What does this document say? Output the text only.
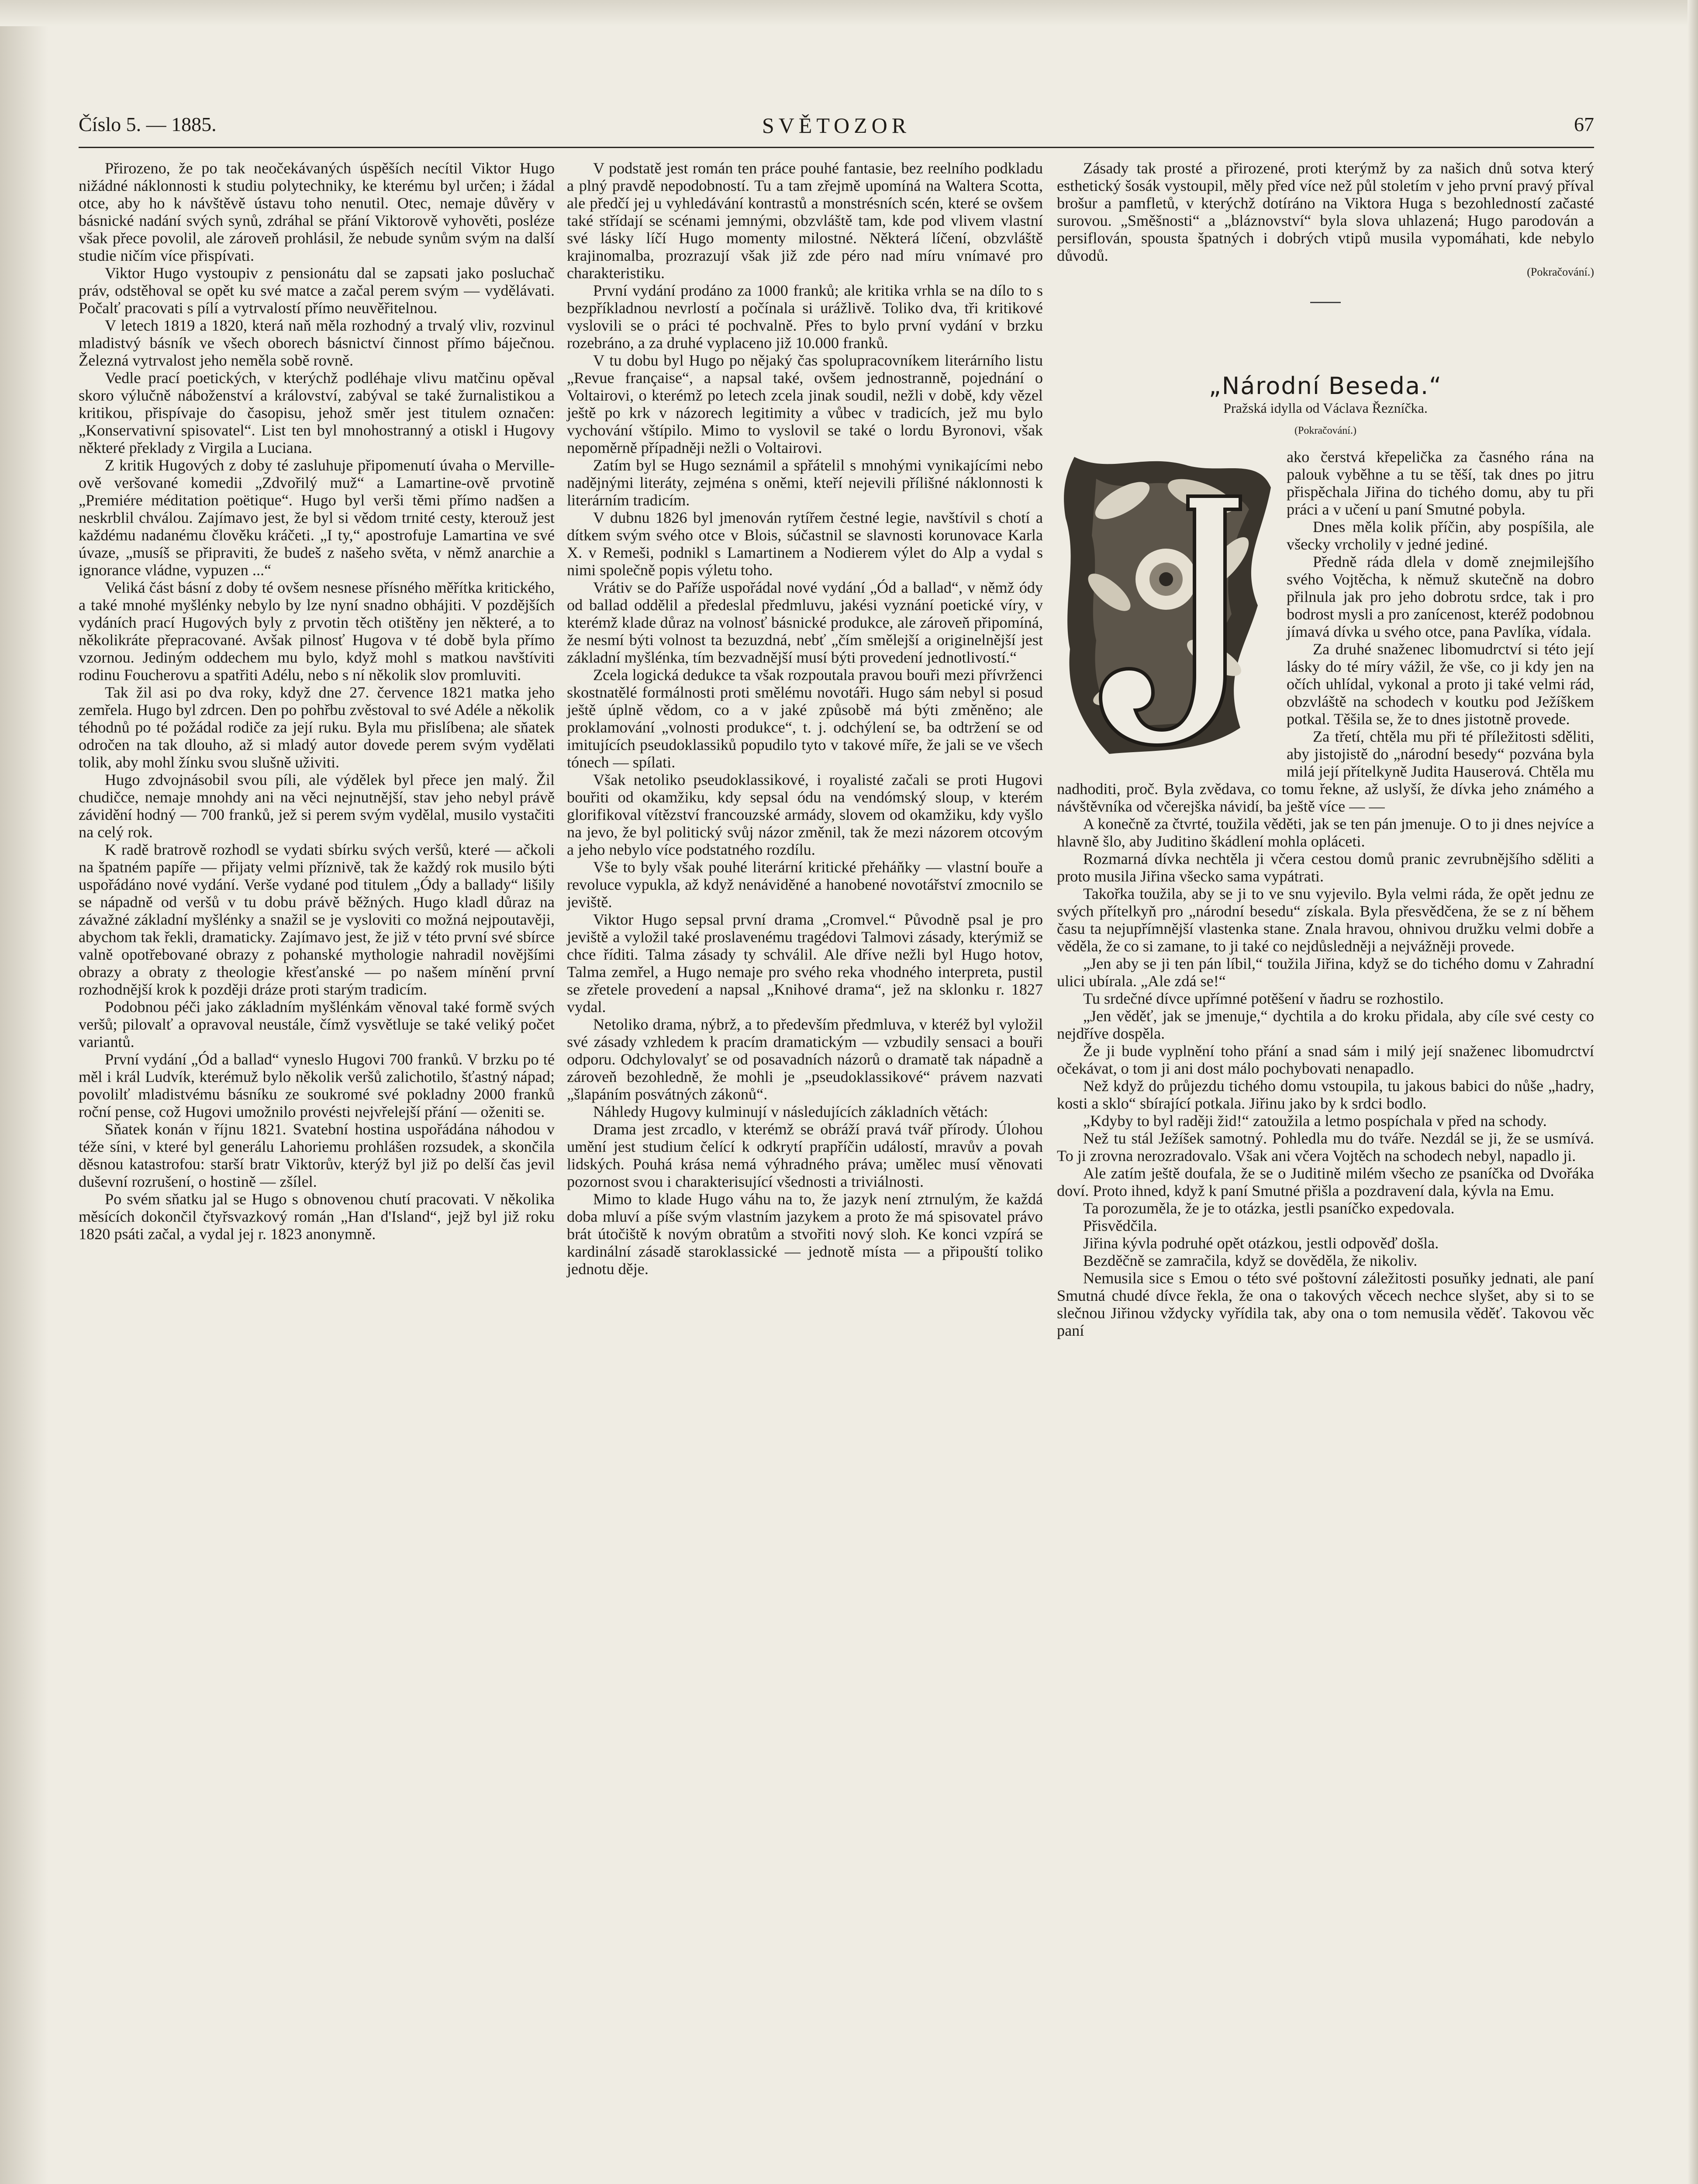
Číslo 5. — 1885.	SVĚTOZOR	67

Přirozeno, že po tak neočekávaných úspěších necítil Viktor Hugo nižádné náklonnosti k studiu polytechniky, ke kterému byl určen; i žádal otce, aby ho k návštěvě ústavu toho nenutil. Otec, nemaje důvěry v básnické nadání svých synů, zdráhal se přání Viktorově vyhověti, posléze však přece povolil, ale zároveň prohlásil, že nebude synům svým na další studie ničím více přispívati.

Viktor Hugo vystoupiv z pensionátu dal se zapsati jako posluchač práv, odstěhoval se opět ku své matce a začal perem svým — vydělávati. Počalť pracovati s pílí a vytrvalostí přímo neuvěřitelnou.

V letech 1819 a 1820, která naň měla rozhodný a trvalý vliv, rozvinul mladistvý básník ve všech oborech básnictví činnost přímo báječnou. Železná vytrvalost jeho neměla sobě rovně.

Vedle prací poetických, v kterýchž podléhaje vlivu matčinu opěval skoro výlučně náboženství a království, zabýval se také žurnalistikou a kritikou, přispívaje do časopisu, jehož směr jest titulem označen: „Konservativní spisovatel“. List ten byl mnohostranný a otiskl i Hugovy některé překlady z Virgila a Luciana.

Z kritik Hugových z doby té zasluhuje připomenutí úvaha o Merville-ově veršované komedii „Zdvořilý muž“ a Lamartine-ově prvotině „Premiére méditation poëtique“. Hugo byl verši těmi přímo nadšen a neskrblil chválou. Zajímavo jest, že byl si vědom trnité cesty, kterouž jest každému nadanému člověku kráčeti. „I ty,“ apostrofuje Lamartina ve své úvaze, „musíš se připraviti, že budeš z našeho světa, v němž anarchie a ignorance vládne, vypuzen ...“

Veliká část básní z doby té ovšem nesnese přísného měřítka kritického, a také mnohé myšlénky nebylo by lze nyní snadno obhájiti. V pozdějších vydáních prací Hugových byly z prvotin těch otištěny jen některé, a to několikráte přepracované. Avšak pilnosť Hugova v té době byla přímo vzornou. Jediným oddechem mu bylo, když mohl s matkou navštíviti rodinu Foucherovu a spatřiti Adélu, nebo s ní několik slov promluviti.

Tak žil asi po dva roky, když dne 27. července 1821 matka jeho zemřela. Hugo byl zdrcen. Den po pohřbu zvěstoval to své Adéle a několik téhodnů po té požádal rodiče za její ruku. Byla mu přislíbena; ale sňatek odročen na tak dlouho, až si mladý autor dovede perem svým vydělati tolik, aby mohl žínku svou slušně uživiti.

Hugo zdvojnásobil svou píli, ale výdělek byl přece jen malý. Žil chudičce, nemaje mnohdy ani na věci nejnutnější, stav jeho nebyl právě závidění hodný — 700 franků, jež si perem svým vydělal, musilo vystačiti na celý rok.

K radě bratrově rozhodl se vydati sbírku svých veršů, které — ačkoli na špatném papíře — přijaty velmi příznivě, tak že každý rok musilo býti uspořádáno nové vydání. Verše vydané pod titulem „Ódy a ballady“ lišily se nápadně od veršů v tu dobu právě běžných. Hugo kladl důraz na závažné základní myšlénky a snažil se je vysloviti co možná nejpoutavěji, abychom tak řekli, dramaticky. Zajímavo jest, že již v této první své sbírce valně opotřebované obrazy z pohanské mythologie nahradil novějšími obrazy a obraty z theologie křesťanské — po našem mínění první rozhodnější krok k později dráze proti starým tradicím.

Podobnou péči jako základním myšlénkám věnoval také formě svých veršů; pilovalť a opravoval neustále, čímž vysvětluje se také veliký počet variantů.

První vydání „Ód a ballad“ vyneslo Hugovi 700 franků. V brzku po té měl i král Ludvík, kterémuž bylo několik veršů zalichotilo, šťastný nápad; povolilť mladistvému básníku ze soukromé své pokladny 2000 franků roční pense, což Hugovi umožnilo provésti nejvřelejší přání — oženiti se.

Sňatek konán v říjnu 1821. Svatební hostina uspořádána náhodou v téže síni, v které byl generálu Lahoriemu prohlášen rozsudek, a skončila děsnou katastrofou: starší bratr Viktorův, kterýž byl již po delší čas jevil duševní rozrušení, o hostině — zšílel.

Po svém sňatku jal se Hugo s obnovenou chutí pracovati. V několika měsících dokončil čtyřsvazkový román „Han d'Island“, jejž byl již roku 1820 psáti začal, a vydal jej r. 1823 anonymně.

V podstatě jest román ten práce pouhé fantasie, bez reelního podkladu a plný pravdě nepodobností. Tu a tam zřejmě upomíná na Waltera Scotta, ale předčí jej u vyhledávání kontrastů a monstrésních scén, které se ovšem také střídají se scénami jemnými, obzvláště tam, kde pod vlivem vlastní své lásky líčí Hugo momenty milostné. Některá líčení, obzvláště krajinomalba, prozrazují však již zde péro nad míru vnímavé pro charakteristiku.

První vydání prodáno za 1000 franků; ale kritika vrhla se na dílo to s bezpříkladnou nevrlostí a počínala si urážlivě. Toliko dva, tři kritikové vyslovili se o práci té pochvalně. Přes to bylo první vydání v brzku rozebráno, a za druhé vyplaceno již 10.000 franků.

V tu dobu byl Hugo po nějaký čas spolupracovníkem literárního listu „Revue française“, a napsal také, ovšem jednostranně, pojednání o Voltairovi, o kterémž po letech zcela jinak soudil, nežli v době, kdy vězel ještě po krk v názorech legitimity a vůbec v tradicích, jež mu bylo vychování vštípilo. Mimo to vyslovil se také o lordu Byronovi, však nepoměrně případněji nežli o Voltairovi.

Zatím byl se Hugo seznámil a spřátelil s mnohými vynikajícími nebo nadějnými literáty, zejména s oněmi, kteří nejevili přílišné náklonnosti k literárním tradicím.

V dubnu 1826 byl jmenován rytířem čestné legie, navštívil s chotí a dítkem svým svého otce v Blois, súčastnil se slavnosti korunovace Karla X. v Remeši, podnikl s Lamartinem a Nodierem výlet do Alp a vydal s nimi společně popis výletu toho.

Vrátiv se do Paříže uspořádal nové vydání „Ód a ballad“, v němž ódy od ballad oddělil a předeslal předmluvu, jakési vyznání poetické víry, v kterémž klade důraz na volnosť básnické produkce, ale zároveň připomíná, že nesmí býti volnost ta bezuzdná, nebť „čím smělejší a originelnější jest základní myšlénka, tím bezvadnější musí býti provedení jednotlivostí.“

Zcela logická dedukce ta však rozpoutala pravou bouři mezi přívrženci skostnatělé formálnosti proti smělému novotáři. Hugo sám nebyl si posud ještě úplně vědom, co a v jaké způsobě má býti změněno; ale proklamování „volnosti produkce“, t. j. odchýlení se, ba odtržení se od imitujících pseudoklassiků popudilo tyto v takové míře, že jali se ve všech tónech — spílati.

Však netoliko pseudoklassikové, i royalisté začali se proti Hugovi bouřiti od okamžiku, kdy sepsal ódu na vendómský sloup, v kterém glorifikoval vítězství francouzské armády, slovem od okamžiku, kdy vyšlo na jevo, že byl politický svůj názor změnil, tak že mezi názorem otcovým a jeho nebylo více podstatného rozdílu.

Vše to byly však pouhé literární kritické přeháňky — vlastní bouře a revoluce vypukla, až když nenáviděné a hanobené novotářství zmocnilo se jeviště.

Viktor Hugo sepsal první drama „Cromvel.“ Původně psal je pro jeviště a vyložil také proslavenému tragédovi Talmovi zásady, kterýmiž se chce říditi. Talma zásady ty schválil. Ale dříve nežli byl Hugo hotov, Talma zemřel, a Hugo nemaje pro svého reka vhodného interpreta, pustil se zřetele provedení a napsal „Knihové drama“, jež na sklonku r. 1827 vydal.

Netoliko drama, nýbrž, a to především předmluva, v kteréž byl vyložil své zásady vzhledem k pracím dramatickým — vzbudily sensaci a bouři odporu. Odchylovalyť se od posavadních názorů o dramatě tak nápadně a zároveň bezohledně, že mohli je „pseudoklassikové“ právem nazvati „šlapáním posvátných zákonů“.

Náhledy Hugovy kulminují v následujících základních větách:

Drama jest zrcadlo, v kterémž se obráží pravá tvář přírody. Úlohou umění jest studium čelící k odkrytí prapříčin událostí, mravův a povah lidských. Pouhá krása nemá výhradného práva; umělec musí věnovati pozornost svou i charakterisující všednosti a triviálnosti.

Mimo to klade Hugo váhu na to, že jazyk není ztrnulým, že každá doba mluví a píše svým vlastním jazykem a proto že má spisovatel právo brát útočiště k novým obratům a stvořiti nový sloh. Ke konci vzpírá se kardinální zásadě starоklassické — jednotě místa — a připouští toliko jednotu děje.

Zásady tak prosté a přirozené, proti kterýmž by za našich dnů sotva který esthetický šosák vystoupil, měly před více než půl stoletím v jeho první pravý příval brošur a pamfletů, v kterýchž dotíráno na Viktora Huga s bezohledností začasté surovou. „Směšnosti“ a „bláznovství“ byla slova uhlazená; Hugo parodován a persiflován, spousta špatných i dobrých vtipů musila vypomáhati, kde nebylo důvodů.

(Pokračování.)
„Národní Beseda.“
Pražská idylla od Václava Řezníčka.
(Pokračování.)

ako čerstvá křepelička za časného rána na palouk vyběhne a tu se těší, tak dnes po jitru přispěchala Jiřina do tichého domu, aby tu při práci a v učení u paní Smutné pobyla.

Dnes měla kolik příčin, aby pospíšila, ale všecky vrcholily v jedné jediné.

Předně ráda dlela v domě znejmilejšího svého Vojtěcha, k němuž skutečně na dobro přilnula jak pro jeho dobrotu srdce, tak i pro bodrost mysli a pro zanícenost, kteréž podobnou jímavá dívka u svého otce, pana Pavlíka, vídala.

Za druhé snaženec libomudrctví si této její lásky do té míry vážil, že vše, co ji kdy jen na očích uhlídal, vykonal a proto ji také velmi rád, obzvláště na schodech v koutku pod Ježíškem potkal. Těšila se, že to dnes jistotně provede.

Za třetí, chtěla mu při té příležitosti sděliti, aby jistojistě do „národní besedy“ pozvána byla milá její přítelkyně Judita Hauserová. Chtěla mu nadhoditi, proč. Byla zvědava, co tomu řekne, až uslyší, že dívka jeho známého a návštěvníka od včerejška návidí, ba ještě více — —

A konečně za čtvrté, toužila věděti, jak se ten pán jmenuje. O to ji dnes nejvíce a hlavně šlo, aby Juditino škádlení mohla opláceti.

Rozmarná dívka nechtěla ji včera cestou domů pranic zevrubnějšího sděliti a proto musila Jiřina všecko sama vypátrati.

Takořka toužila, aby se ji to ve snu vyjevilo. Byla velmi ráda, že opět jednu ze svých přítelkyň pro „národní besedu“ získala. Byla přesvědčena, že se z ní během času ta nejupřímnější vlastenka stane. Znala hravou, ohnivou družku velmi dobře a věděla, že co si zamane, to ji také co nejdůsledněji a nejvážněji provede.

„Jen aby se ji ten pán líbil,“ toužila Jiřina, když se do tichého domu v Zahradní ulici ubírala. „Ale zdá se!“

Tu srdečné dívce upřímné potěšení v ňadru se rozhostilo.

„Jen věděť, jak se jmenuje,“ dychtila a do kroku přidala, aby cíle své cesty co nejdříve dospěla.

Že ji bude vyplnění toho přání a snad sám i milý její snaženec libomudrctví očekávat, o tom ji ani dost málo pochybovati nenapadlo.

Než když do průjezdu tichého domu vstoupila, tu jakous babici do nůše „hadry, kosti a sklo“ sbírající potkala. Jiřinu jako by k srdci bodlo.

„Kdyby to byl raději žid!“ zatoužila a letmo pospíchala v před na schody.

Než tu stál Ježíšek samotný. Pohledla mu do tváře. Nezdál se ji, že se usmívá. To ji zrovna nerozradovalo. Však ani včera Vojtěch na schodech nebyl, napadlo ji.

Ale zatím ještě doufala, že se o Juditině milém všecho ze psaníčka od Dvořáka doví. Proto ihned, když k paní Smutné přišla a pozdravení dala, kývla na Emu.

Ta porozuměla, že je to otázka, jestli psaníčko expedovala.

Přisvědčila.

Jiřina kývla podruhé opět otázkou, jestli odpověď došla.

Bezděčně se zamračila, když se dověděla, že nikoliv.

Nemusila sice s Emou o této své poštovní záležitosti posuňky jednati, ale paní Smutná chudé dívce řekla, že ona o takových věcech nechce slyšet, aby si to se slečnou Jiřinou vždycky vyřídila tak, aby ona o tom nemusila věděť. Takovou věc paní
